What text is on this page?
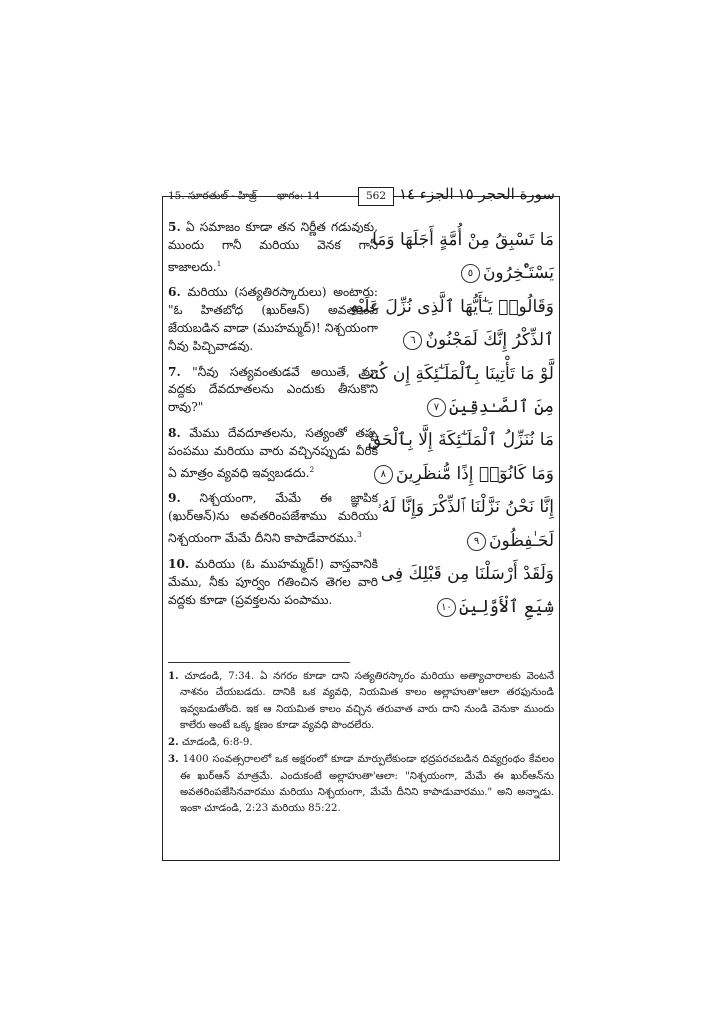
15. సూరతుల్ - హిజ్ర్ భాగం: 14	562 الجزء ١٤ سورة الحجر ١٥

5. ఏ సమాజం కూడా తన నిర్ణీత గడువుకు, ముందు గానీ మరియు వెనక గానీ కాజాలదు.$^1$

6. మరియు (సత్యతిరస్కారులు) అంటారు: "ఓ హితబోధ (ఖుర్ఆన్) అవతరింప జేయబడిన వాడా (ముహమ్మద్)! నిశ్చయంగా నీవు పిచ్చివాడవు.

7. "నీవు సత్యవంతుడవే అయితే, మా వద్దకు దేవదూతలను ఎందుకు తీసుకొని రావు?"

8. మేము దేవదూతలను, సత్యంతో తప్ప పంపము మరియు వారు వచ్చినప్పుడు వీరికి ఏ మాత్రం వ్యవధి ఇవ్వబడదు.$^2$

9. నిశ్చయంగా, మేమే ఈ జ్ఞాపిక (ఖుర్ఆన్)ను అవతరింపజేశాము మరియు నిశ్చయంగా మేమే దీనిని కాపాడేవారము.$^3$

10. మరియు (ఓ ముహమ్మద్!) వాస్తవానికి మేము, నీకు పూర్వం గతించిన తెగల వారి వద్దకు కూడా (ప్రవక్తలను పంపాము.

مَا تَسْبِقُ مِنْ أُمَّةٍ أَجَلَهَا وَمَا
يَسْتَـْٔخِرُونَ٥
وَقَالُوا۟ يَـٰٓأَيُّهَا ٱلَّذِى نُزِّلَ عَلَيْهِ
ٱلذِّكْرُ إِنَّكَ لَمَجْنُونٌ٦
لَّوْ مَا تَأْتِينَا بِٱلْمَلَـٰٓئِكَةِ إِن كُنتَ
مِنَ ٱلصَّـٰدِقِينَ٧
مَا نُنَزِّلُ ٱلْمَلَـٰٓئِكَةَ إِلَّا بِٱلْحَقِّ
وَمَا كَانُوٓا۟ إِذًا مُّنظَرِينَ٨
إِنَّا نَحْنُ نَزَّلْنَا ٱلذِّكْرَ وَإِنَّا لَهُۥ
لَحَـٰفِظُونَ٩
وَلَقَدْ أَرْسَلْنَا مِن قَبْلِكَ فِى
شِيَعِ ٱلْأَوَّلِينَ١٠

1. చూడండి, 7:34. ఏ నగరం కూడా దాని సత్యతిరస్కారం మరియు అత్యాచారాలకు వెంటనే నాశనం చేయబడదు. దానికి ఒక వ్యవధి, నియమిత కాలం అల్లాహుతా'ఆలా తరఫునుండి ఇవ్వబడుతోంది. ఇక ఆ నియమిత కాలం వచ్చిన తరువాత వారు దాని నుండి వెనుకా ముందు కాలేరు అంటే ఒక్క క్షణం కూడా వ్యవధి పొందలేరు.

2. చూడండి, 6:8-9.

3. 1400 సంవత్సరాలలో ఒక అక్షరంలో కూడా మార్పులేకుండా భద్రపరచబడిన దివ్యగ్రంథం కేవలం ఈ ఖుర్ఆన్ మాత్రమే. ఎందుకంటే అల్లాహుతా'ఆలా: "నిశ్చయంగా, మేమే ఈ ఖుర్ఆన్‌ను అవతరింపజేసినవారము మరియు నిశ్చయంగా, మేమే దీనిని కాపాడువారము." అని అన్నాడు. ఇంకా చూడండి, 2:23 మరియు 85:22.
